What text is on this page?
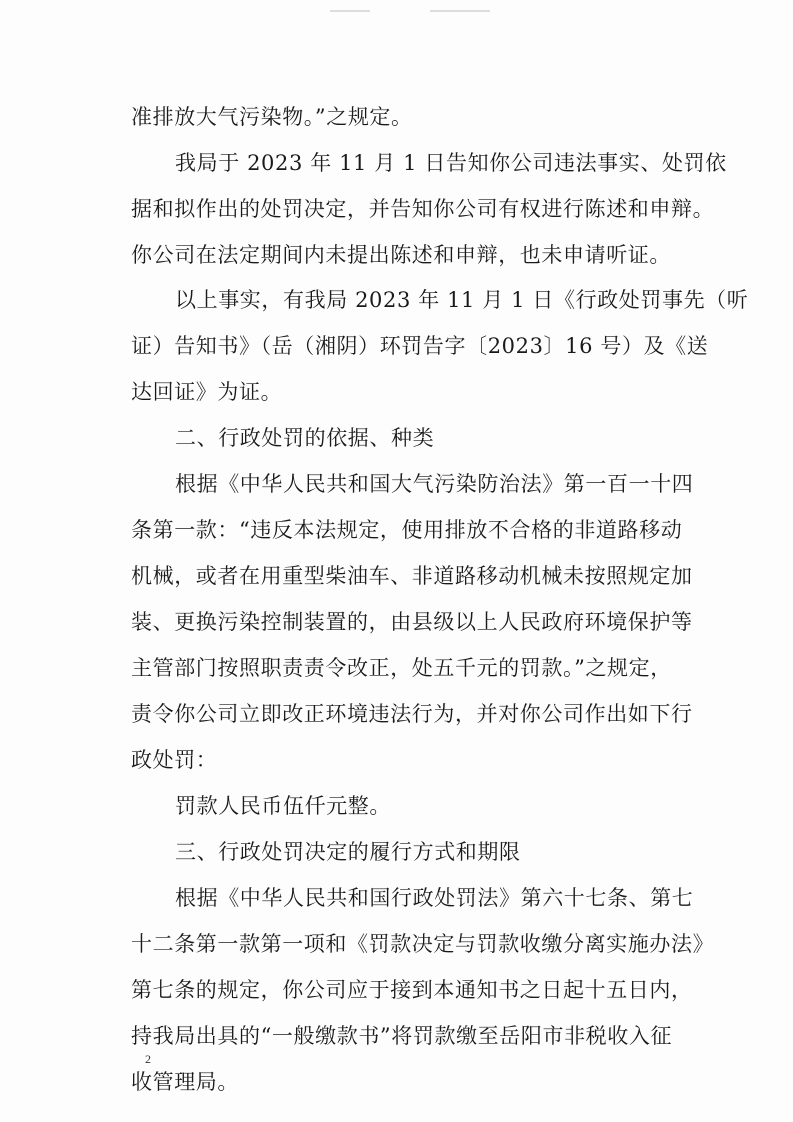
准排放大气污染物。”之规定。
我局于 2023 年 11 月 1 日告知你公司违法事实、处罚依
据和拟作出的处罚决定，并告知你公司有权进行陈述和申辩。
你公司在法定期间内未提出陈述和申辩，也未申请听证。
以上事实，有我局 2023 年 11 月 1 日《行政处罚事先（听
证）告知书》（岳（湘阴）环罚告字〔2023〕16 号）及《送
达回证》为证。
二、行政处罚的依据、种类
根据《中华人民共和国大气污染防治法》第一百一十四
条第一款：“违反本法规定，使用排放不合格的非道路移动
机械，或者在用重型柴油车、非道路移动机械未按照规定加
装、更换污染控制装置的，由县级以上人民政府环境保护等
主管部门按照职责责令改正，处五千元的罚款。”之规定，
责令你公司立即改正环境违法行为，并对你公司作出如下行
政处罚：
罚款人民币伍仟元整。
三、行政处罚决定的履行方式和期限
根据《中华人民共和国行政处罚法》第六十七条、第七
十二条第一款第一项和《罚款决定与罚款收缴分离实施办法》
第七条的规定，你公司应于接到本通知书之日起十五日内，
持我局出具的“一般缴款书”将罚款缴至岳阳市非税收入征
收管理局。
2
